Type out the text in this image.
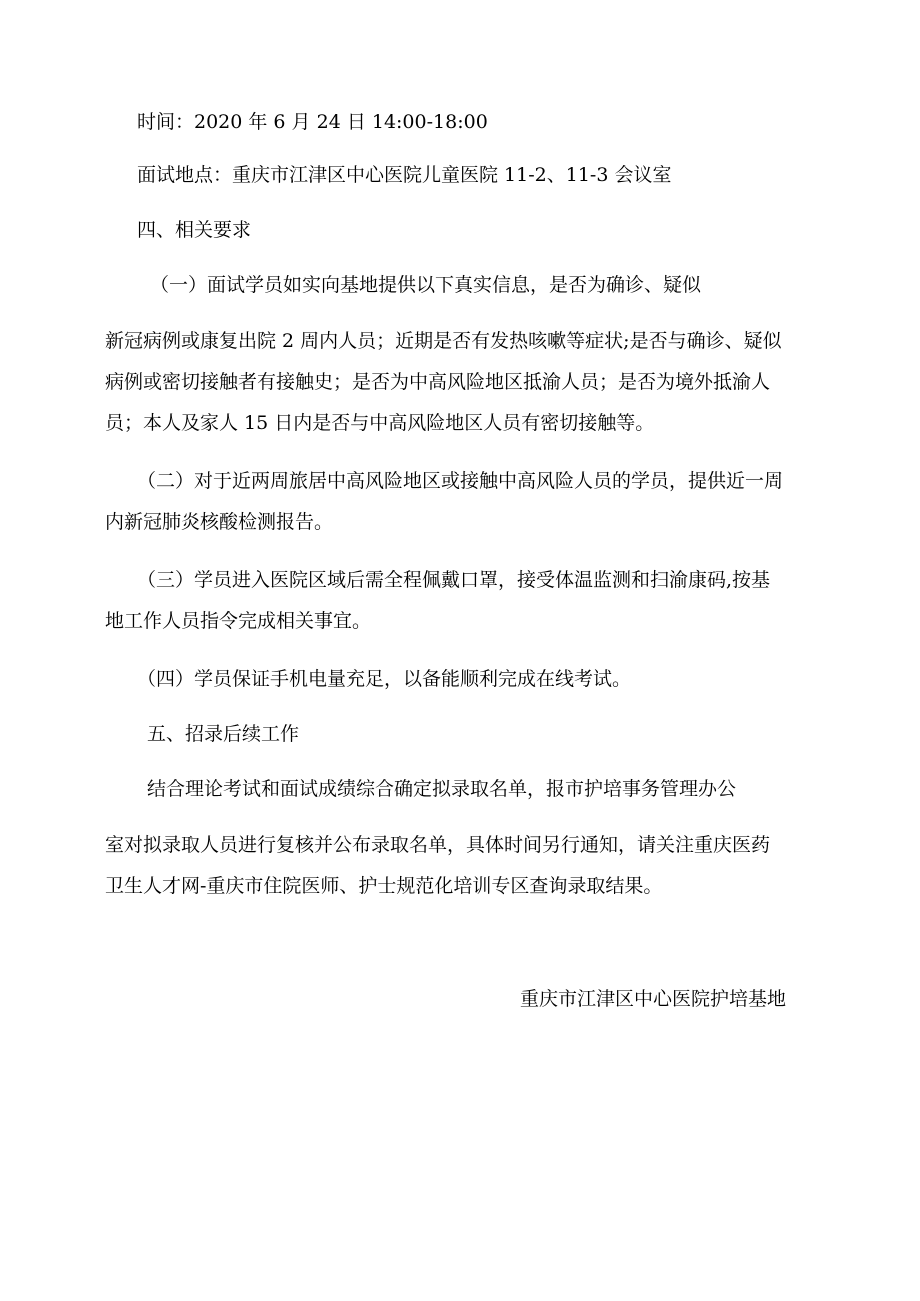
时间：2020 年 6 月 24 日 14:00-18:00
面试地点：重庆市江津区中心医院儿童医院 11-2、11-3 会议室
四、相关要求
（一）面试学员如实向基地提供以下真实信息，是否为确诊、疑似
新冠病例或康复出院 2 周内人员；近期是否有发热咳嗽等症状;是否与确诊、疑似
病例或密切接触者有接触史；是否为中高风险地区抵渝人员；是否为境外抵渝人
员；本人及家人 15 日内是否与中高风险地区人员有密切接触等。
（二）对于近两周旅居中高风险地区或接触中高风险人员的学员，提供近一周
内新冠肺炎核酸检测报告。
（三）学员进入医院区域后需全程佩戴口罩，接受体温监测和扫渝康码,按基
地工作人员指令完成相关事宜。
（四）学员保证手机电量充足，以备能顺利完成在线考试。
五、招录后续工作
结合理论考试和面试成绩综合确定拟录取名单，报市护培事务管理办公
室对拟录取人员进行复核并公布录取名单，具体时间另行通知，请关注重庆医药
卫生人才网-重庆市住院医师、护士规范化培训专区查询录取结果。
重庆市江津区中心医院护培基地
